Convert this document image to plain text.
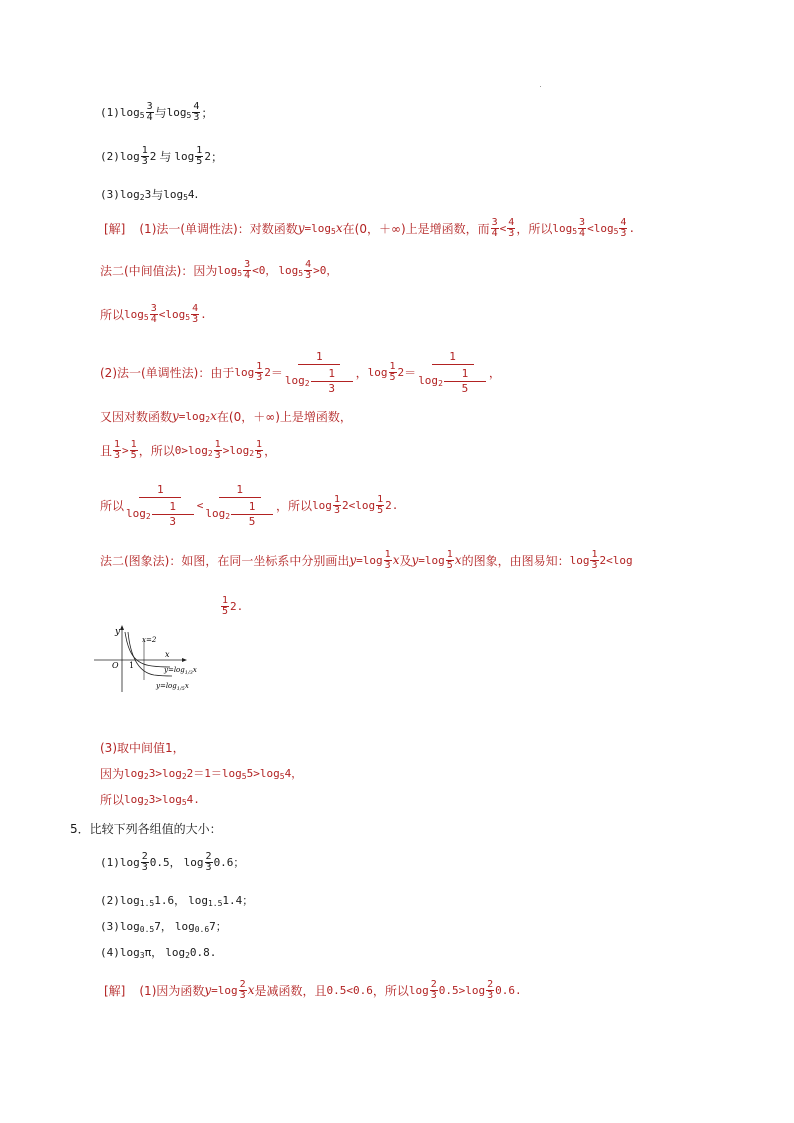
(1) $\log 5 \frac{3}{4}$ 与 $\log 5 \frac{4}{3}$ ；
(2) $\log \frac{1}{3} 2$ 与 $\log \frac{1}{5} 2$ ；
(3) log 2 3 与 log 5 4 .
[解] (1)法一(单调性法)：对数函数 y =log 5 x 在(0，＋∞)上是增函数，而 $\frac{3}{4} < \frac{4}{3}$ ，所以 $\log 5 \frac{3}{4} < \log 5 \frac{4}{3}$ .
法二(中间值法)：因为 $\log 5 \frac{3}{4} <0$， $\log 5 \frac{4}{3} >0$，
所以 $\log 5 \frac{3}{4} < \log 5 \frac{4}{3}$ .
(2)法一(单调性法)：由于 $\log \frac{1}{3} 2$ ＝
1
$\log 2 \frac{1}{3}$ ， $\log \frac{1}{5} 2$ ＝
1
$\log 2 \frac{1}{5}$ ，
又因对数函数 y =log 2 x 在(0，＋∞)上是增函数，
且 $\frac{1}{3} > \frac{1}{5}$ ，所以 0>log $2 \frac{1}{3} >\log$ $2 \frac{1}{5}$ ，
所以
1
$\log 2 \frac{1}{3}$ <
1
$\log 2 \frac{1}{5}$ ，所以 $\log \frac{1}{3} 2 < \log \frac{1}{5} 2$ .
法二(图象法)：如图，在同一坐标系中分别画出 $y =\log \frac{1}{3}$ x 及 $y =\log \frac{1}{5}$ x 的图象，由图易知： $\log \frac{1}{3} 2 <\log$
$\frac{1}{5} 2$.
y
x
O 1
x=2
$y=\log_{1/3}x$
$y=\log_{1/5}x$
(3)取中间值1，
因为 log 2 3>log 2 2＝1＝log 5 5>log 5 4，
所以 log 2 3>log 5 4.
5．比较下列各组值的大小：
(1) $\log \frac{2}{3} 0.5$， $\log \frac{2}{3} 0.6$；
(2) log 1.5 1.6， log 1.5 1.4；
(3) log 0.5 7， log 0.6 7；
(4) log 3 π， log 2 0.8.
[解] (1)因为函数 $y =\log \frac{2}{3}$ x 是减函数，且 0.5<0.6 ，所以 $\log \frac{2}{3} 0.5> \log \frac{2}{3} 0.6$.
